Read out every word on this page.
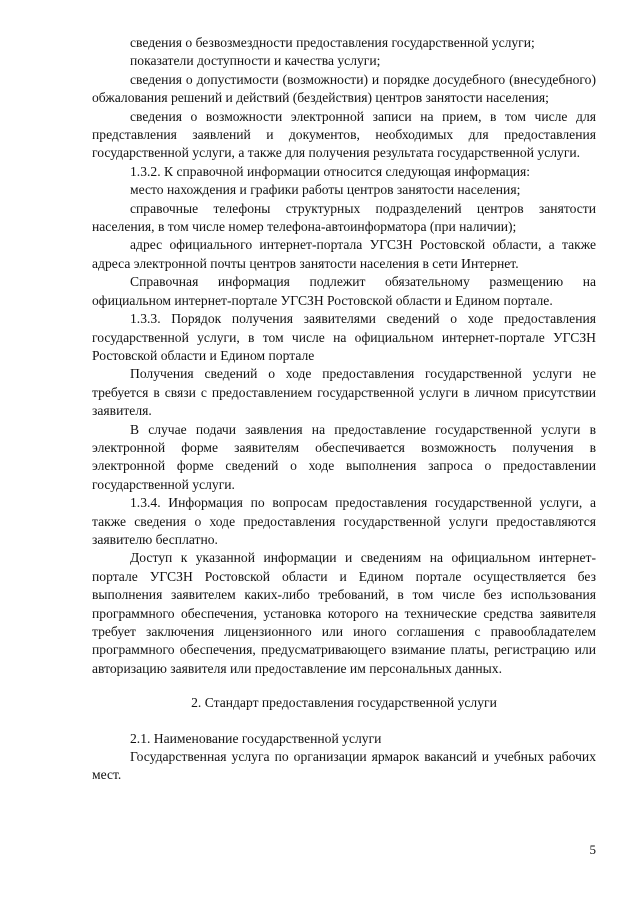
сведения о безвозмездности предоставления государственной услуги;

показатели доступности и качества услуги;

сведения о допустимости (возможности) и порядке досудебного (внесудебного) обжалования решений и действий (бездействия) центров занятости населения;

сведения о возможности электронной записи на прием, в том числе для представления заявлений и документов, необходимых для предоставления государственной услуги, а также для получения результата государственной услуги.

1.3.2. К справочной информации относится следующая информация:

место нахождения и графики работы центров занятости населения;

справочные телефоны структурных подразделений центров занятости населения, в том числе номер телефона-автоинформатора (при наличии);

адрес официального интернет-портала УГСЗН Ростовской области, а также адреса электронной почты центров занятости населения в сети Интернет.

Справочная информация подлежит обязательному размещению на официальном интернет-портале УГСЗН Ростовской области и Едином портале.

1.3.3. Порядок получения заявителями сведений о ходе предоставления государственной услуги, в том числе на официальном интернет-портале УГСЗН Ростовской области и Едином портале

Получения сведений о ходе предоставления государственной услуги не требуется в связи с предоставлением государственной услуги в личном присутствии заявителя.

В случае подачи заявления на предоставление государственной услуги в электронной форме заявителям обеспечивается возможность получения в электронной форме сведений о ходе выполнения запроса о предоставлении государственной услуги.

1.3.4. Информация по вопросам предоставления государственной услуги, а также сведения о ходе предоставления государственной услуги предоставляются заявителю бесплатно.

Доступ к указанной информации и сведениям на официальном интернет-портале УГСЗН Ростовской области и Едином портале осуществляется без выполнения заявителем каких-либо требований, в том числе без использования программного обеспечения, установка которого на технические средства заявителя требует заключения лицензионного или иного соглашения с правообладателем программного обеспечения, предусматривающего взимание платы, регистрацию или авторизацию заявителя или предоставление им персональных данных.

2. Стандарт предоставления государственной услуги

2.1. Наименование государственной услуги

Государственная услуга по организации ярмарок вакансий и учебных рабочих мест.

5
